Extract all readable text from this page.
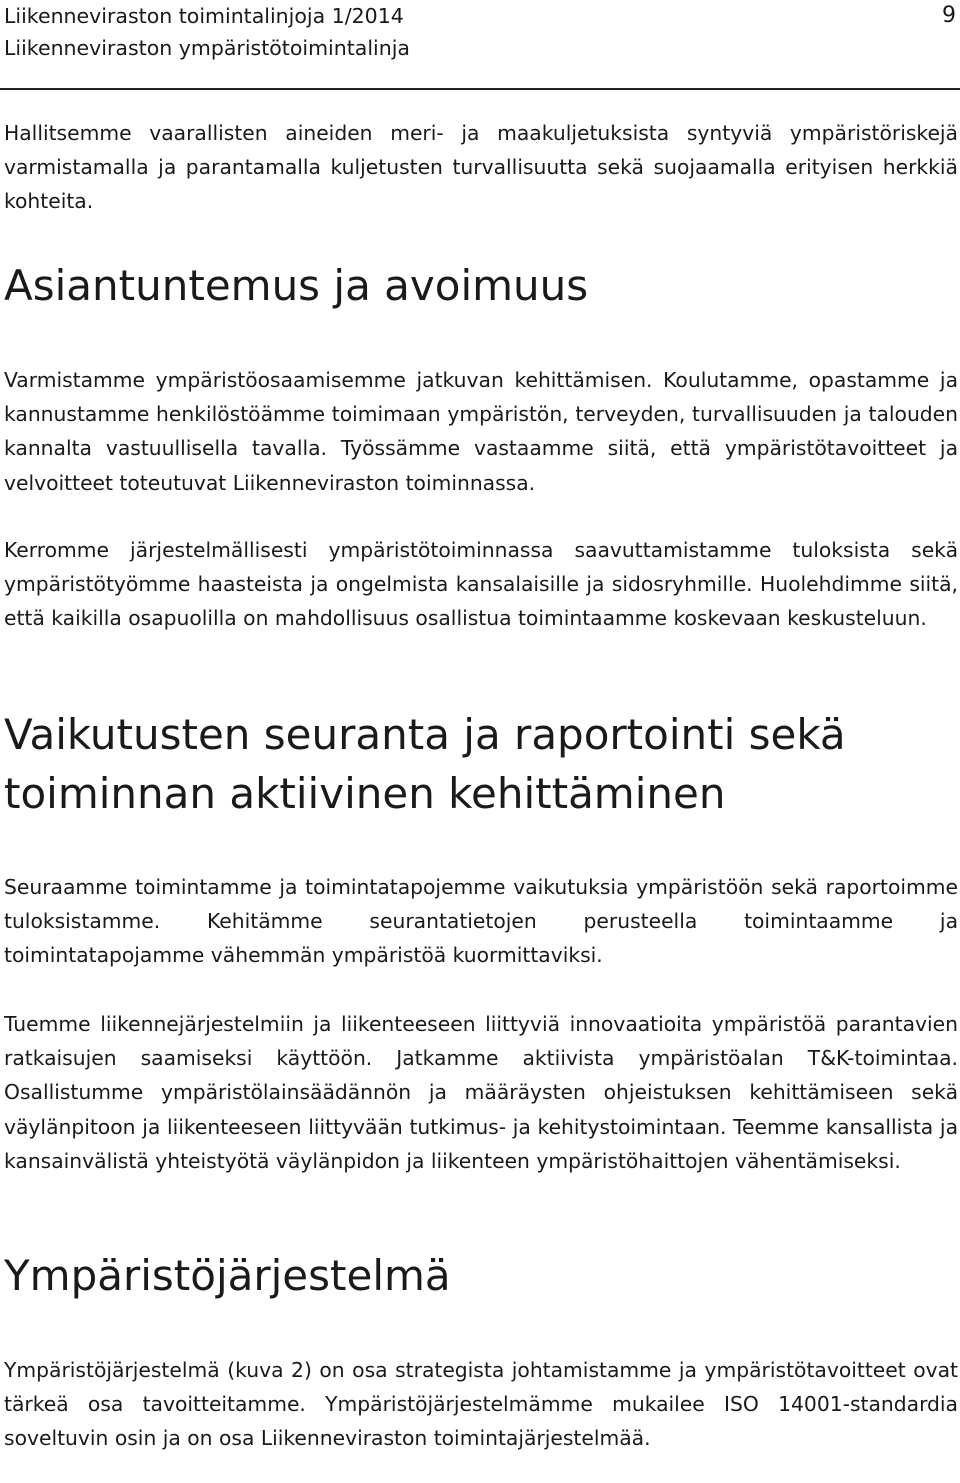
Liikenneviraston toimintalinjoja 1/2014
Liikenneviraston ympäristötoimintalinja
9

Hallitsemme vaarallisten aineiden meri- ja maakuljetuksista syntyviä ympäristöriskejä varmistamalla ja parantamalla kuljetusten turvallisuutta sekä suojaamalla erityisen herkkiä kohteita.

Asiantuntemus ja avoimuus

Varmistamme ympäristöosaamisemme jatkuvan kehittämisen. Koulutamme, opastamme ja kannustamme henkilöstöämme toimimaan ympäristön, terveyden, turvallisuuden ja talouden kannalta vastuullisella tavalla. Työssämme vastaamme siitä, että ympäristötavoitteet ja velvoitteet toteutuvat Liikenneviraston toiminnassa.

Kerromme järjestelmällisesti ympäristötoiminnassa saavuttamistamme tuloksista sekä ympäristötyömme haasteista ja ongelmista kansalaisille ja sidosryhmille. Huolehdimme siitä, että kaikilla osapuolilla on mahdollisuus osallistua toimintaamme koskevaan keskusteluun.

Vaikutusten seuranta ja raportointi sekä
toiminnan aktiivinen kehittäminen

Seuraamme toimintamme ja toimintatapojemme vaikutuksia ympäristöön sekä raportoimme tuloksistamme. Kehitämme seurantatietojen perusteella toimintaamme ja toimintatapojamme vähemmän ympäristöä kuormittaviksi.

Tuemme liikennejärjestelmiin ja liikenteeseen liittyviä innovaatioita ympäristöä parantavien ratkaisujen saamiseksi käyttöön. Jatkamme aktiivista ympäristöalan T&K-toimintaa. Osallistumme ympäristölainsäädännön ja määräysten ohjeistuksen kehittämiseen sekä väylänpitoon ja liikenteeseen liittyvään tutkimus- ja kehitystoimintaan. Teemme kansallista ja kansainvälistä yhteistyötä väylänpidon ja liikenteen ympäristöhaittojen vähentämiseksi.

Ympäristöjärjestelmä

Ympäristöjärjestelmä (kuva 2) on osa strategista johtamistamme ja ympäristötavoitteet ovat tärkeä osa tavoitteitamme. Ympäristöjärjestelmämme mukailee ISO 14001-standardia soveltuvin osin ja on osa Liikenneviraston toimintajärjestelmää.
